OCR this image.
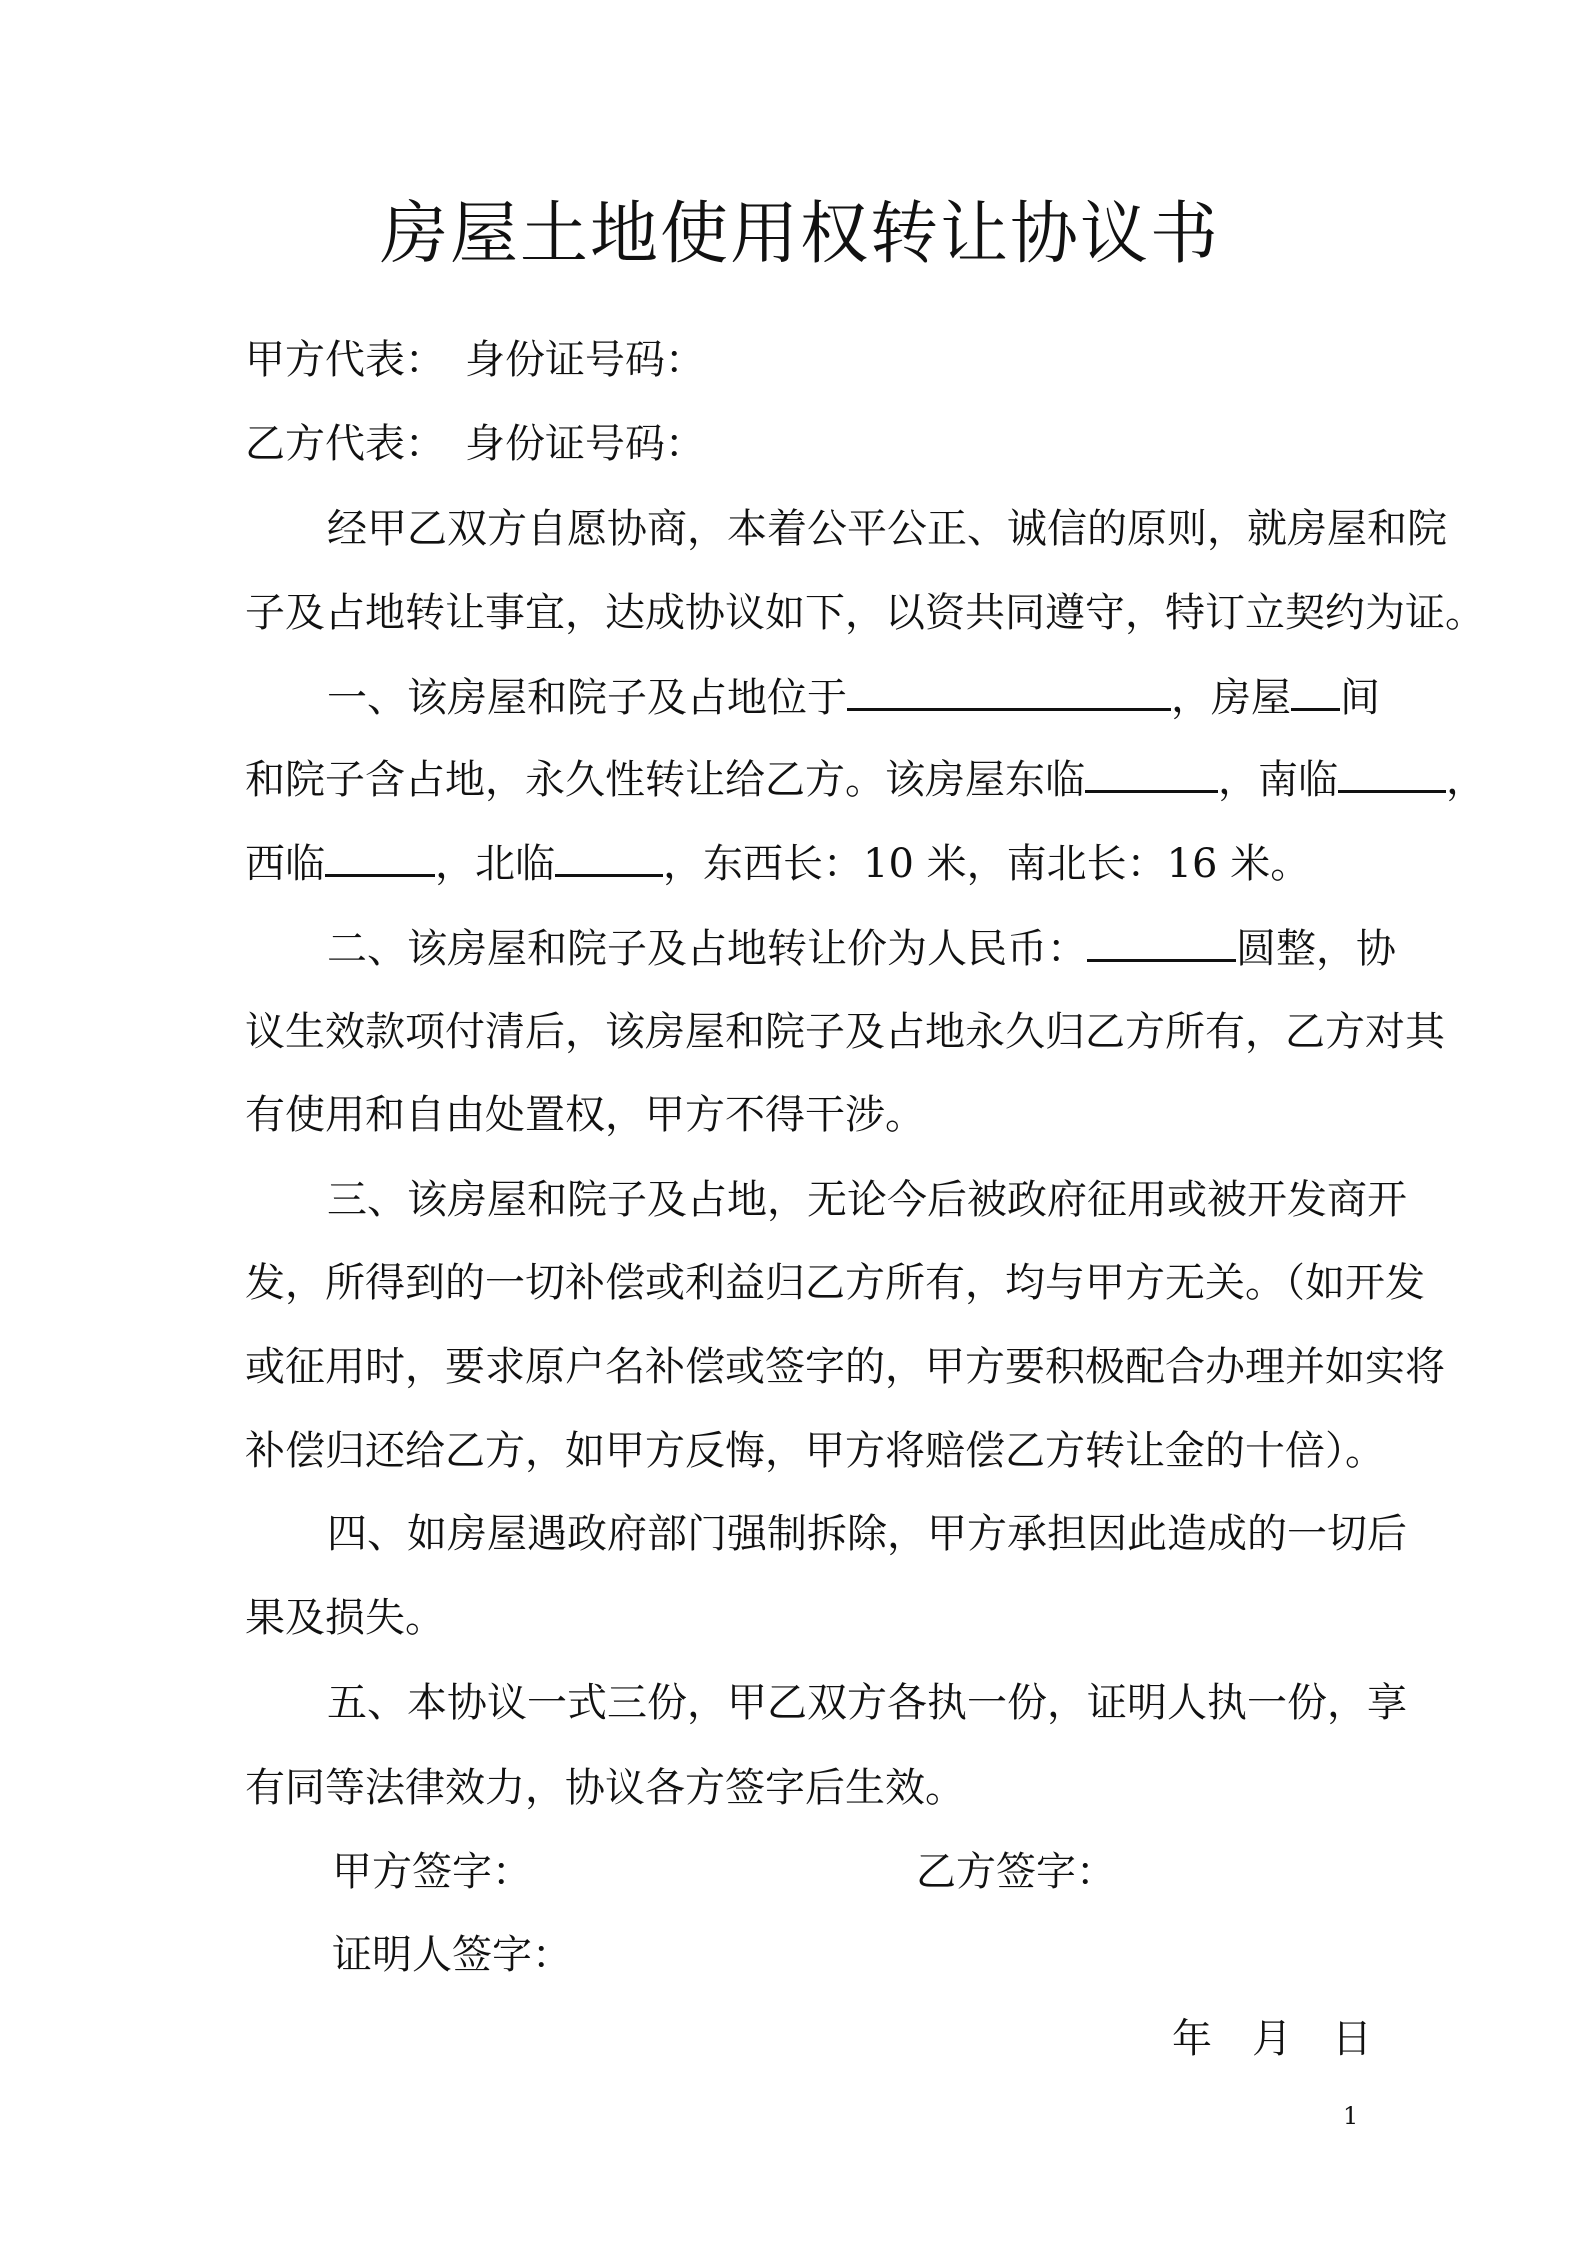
房屋土地使用权转让协议书
甲方代表： 身份证号码：
乙方代表： 身份证号码：
经甲乙双方自愿协商，本着公平公正、诚信的原则，就房屋和院
子及占地转让事宜，达成协议如下，以资共同遵守，特订立契约为证。
一、该房屋和院子及占地位于	，房屋 间
和院子含占地，永久性转让给乙方。该房屋东临	，南临	，
西临	，北临	，东西长：10 米，南北长：16 米。
二、该房屋和院子及占地转让价为人民币：	圆整，协
议生效款项付清后，该房屋和院子及占地永久归乙方所有，乙方对其
有使用和自由处置权，甲方不得干涉。
三、该房屋和院子及占地，无论今后被政府征用或被开发商开
发，所得到的一切补偿或利益归乙方所有，均与甲方无关。（如开发
或征用时，要求原户名补偿或签字的，甲方要积极配合办理并如实将
补偿归还给乙方，如甲方反悔，甲方将赔偿乙方转让金的十倍）。
四、如房屋遇政府部门强制拆除，甲方承担因此造成的一切后
果及损失。
五、本协议一式三份，甲乙双方各执一份，证明人执一份，享
有同等法律效力，协议各方签字后生效。
甲方签字：	乙方签字：
证明人签字：
年　月　日
1
